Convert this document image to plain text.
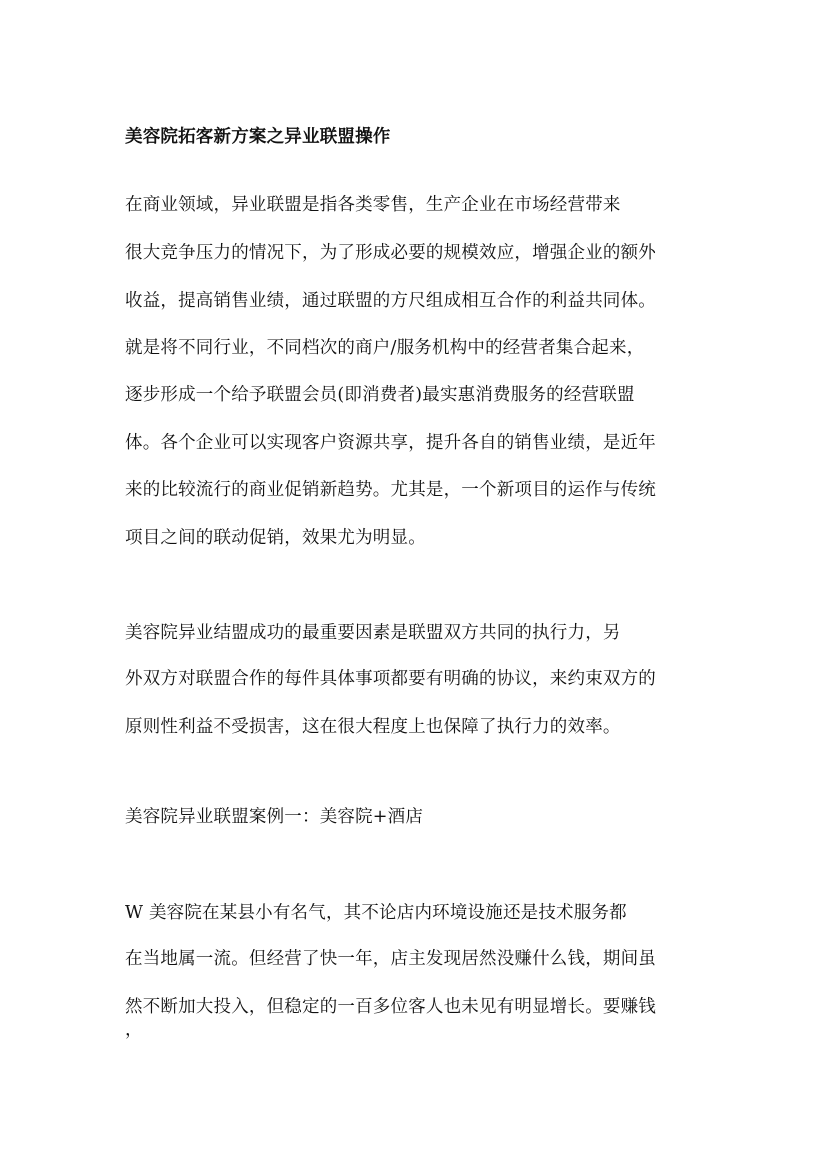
美容院拓客新方案之异业联盟操作
在商业领域，异业联盟是指各类零售，生产企业在市场经营带来
很大竞争压力的情况下，为了形成必要的规模效应，增强企业的额外
收益，提高销售业绩，通过联盟的方尺组成相互合作的利益共同体。
就是将不同行业，不同档次的商户/服务机构中的经营者集合起来，
逐步形成一个给予联盟会员(即消费者)最实惠消费服务的经营联盟
体。各个企业可以实现客户资源共享，提升各自的销售业绩，是近年
来的比较流行的商业促销新趋势。尤其是，一个新项目的运作与传统
项目之间的联动促销，效果尤为明显。
美容院异业结盟成功的最重要因素是联盟双方共同的执行力，另
外双方对联盟合作的每件具体事项都要有明确的协议，来约束双方的
原则性利益不受损害，这在很大程度上也保障了执行力的效率。
美容院异业联盟案例一：美容院+酒店
W 美容院在某县小有名气，其不论店内环境设施还是技术服务都
在当地属一流。但经营了快一年，店主发现居然没赚什么钱，期间虽
然不断加大投入，但稳定的一百多位客人也未见有明显增长。要赚钱
，
